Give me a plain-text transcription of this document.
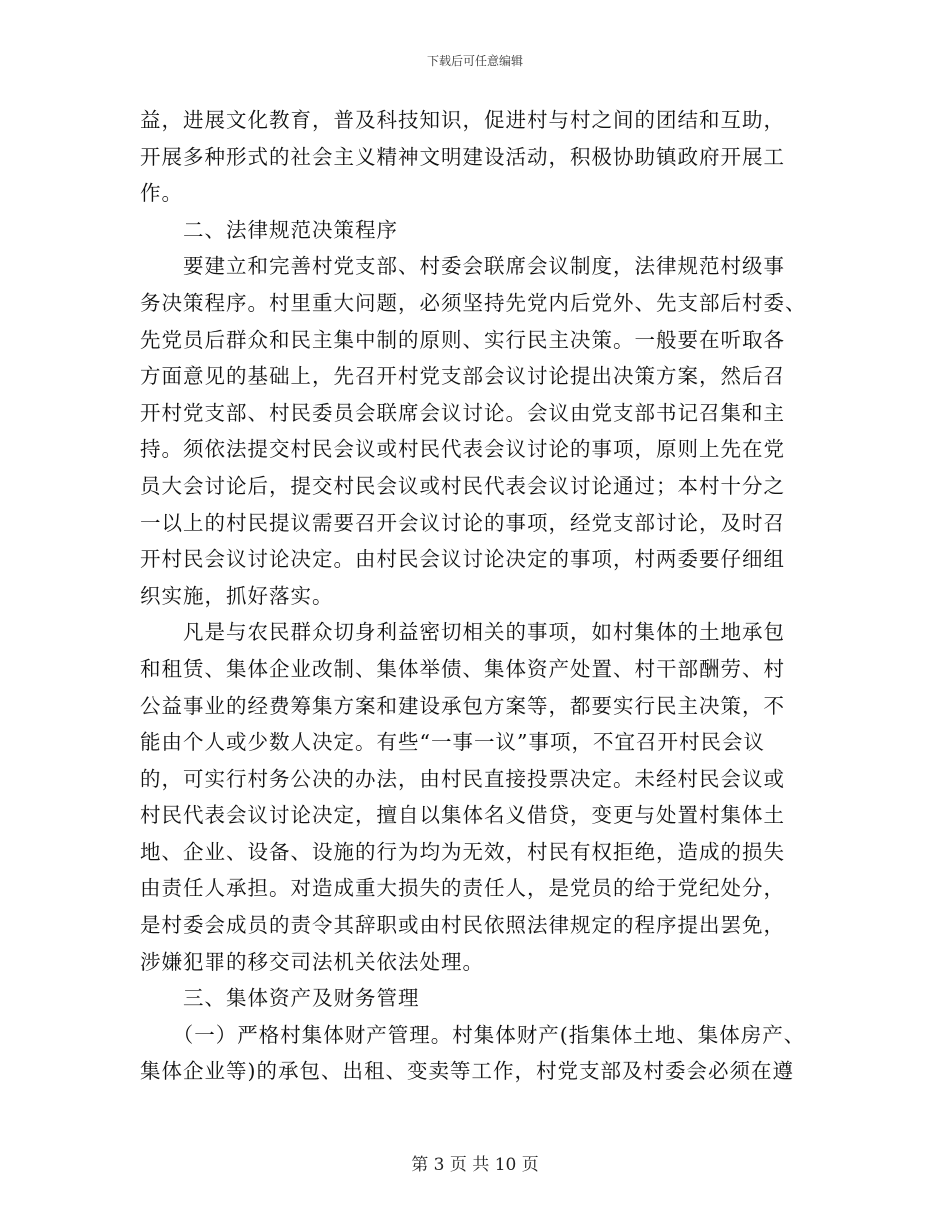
下载后可任意编辑
益，进展文化教育，普及科技知识，促进村与村之间的团结和互助，
开展多种形式的社会主义精神文明建设活动，积极协助镇政府开展工
作。
　　二、法律规范决策程序
　　要建立和完善村党支部、村委会联席会议制度，法律规范村级事
务决策程序。村里重大问题，必须坚持先党内后党外、先支部后村委、
先党员后群众和民主集中制的原则、实行民主决策。一般要在听取各
方面意见的基础上，先召开村党支部会议讨论提出决策方案，然后召
开村党支部、村民委员会联席会议讨论。会议由党支部书记召集和主
持。须依法提交村民会议或村民代表会议讨论的事项，原则上先在党
员大会讨论后，提交村民会议或村民代表会议讨论通过；本村十分之
一以上的村民提议需要召开会议讨论的事项，经党支部讨论，及时召
开村民会议讨论决定。由村民会议讨论决定的事项，村两委要仔细组
织实施，抓好落实。
　　凡是与农民群众切身利益密切相关的事项，如村集体的土地承包
和租赁、集体企业改制、集体举债、集体资产处置、村干部酬劳、村
公益事业的经费筹集方案和建设承包方案等，都要实行民主决策，不
能由个人或少数人决定。有些“一事一议”事项，不宜召开村民会议
的，可实行村务公决的办法，由村民直接投票决定。未经村民会议或
村民代表会议讨论决定，擅自以集体名义借贷，变更与处置村集体土
地、企业、设备、设施的行为均为无效，村民有权拒绝，造成的损失
由责任人承担。对造成重大损失的责任人，是党员的给于党纪处分，
是村委会成员的责令其辞职或由村民依照法律规定的程序提出罢免，
涉嫌犯罪的移交司法机关依法处理。
　　三、集体资产及财务管理
　　（一）严格村集体财产管理。村集体财产(指集体土地、集体房产、
集体企业等)的承包、出租、变卖等工作，村党支部及村委会必须在遵
第 3 页 共 10 页
